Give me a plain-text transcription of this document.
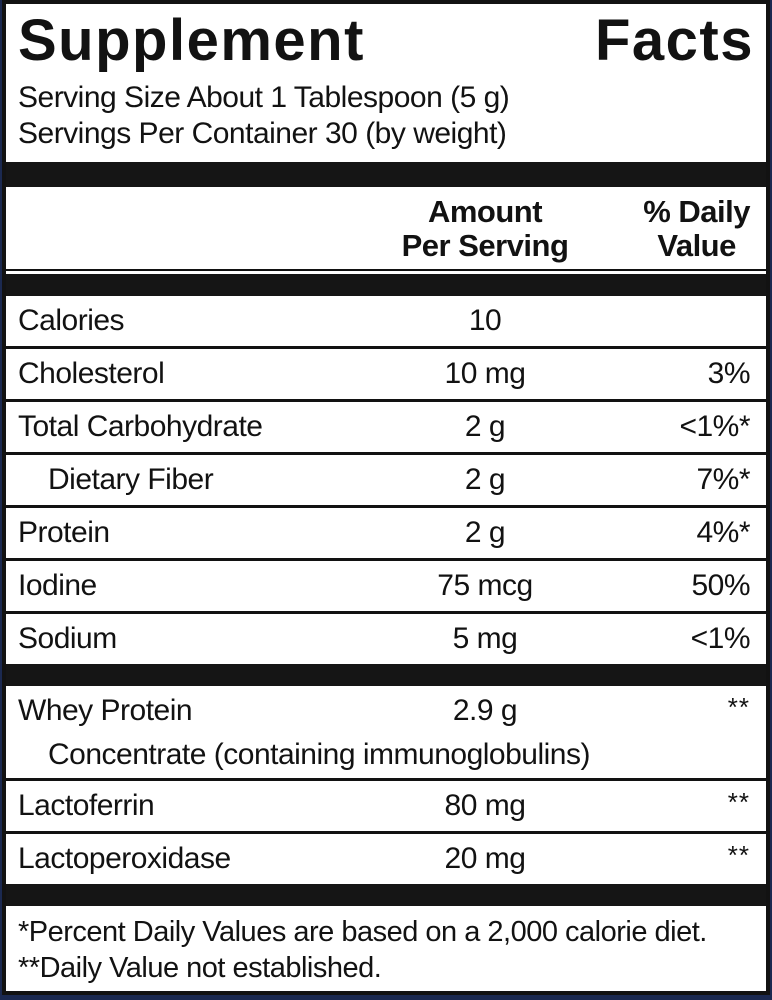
Supplement	Facts
Serving Size About 1 Tablespoon (5 g)
Servings Per Container 30 (by weight)
Amount
Per Serving
% Daily
Value
Calories	10
Cholesterol	10 mg	3%
Total Carbohydrate	2 g	<1%*
Dietary Fiber	2 g	7%*
Protein	2 g	4%*
Iodine	75 mcg	50%
Sodium	5 mg	<1%
Whey Protein	2.9 g	**
Concentrate (containing immunoglobulins)
Lactoferrin	80 mg	**
Lactoperoxidase	20 mg	**
*Percent Daily Values are based on a 2,000 calorie diet.
**Daily Value not established.
